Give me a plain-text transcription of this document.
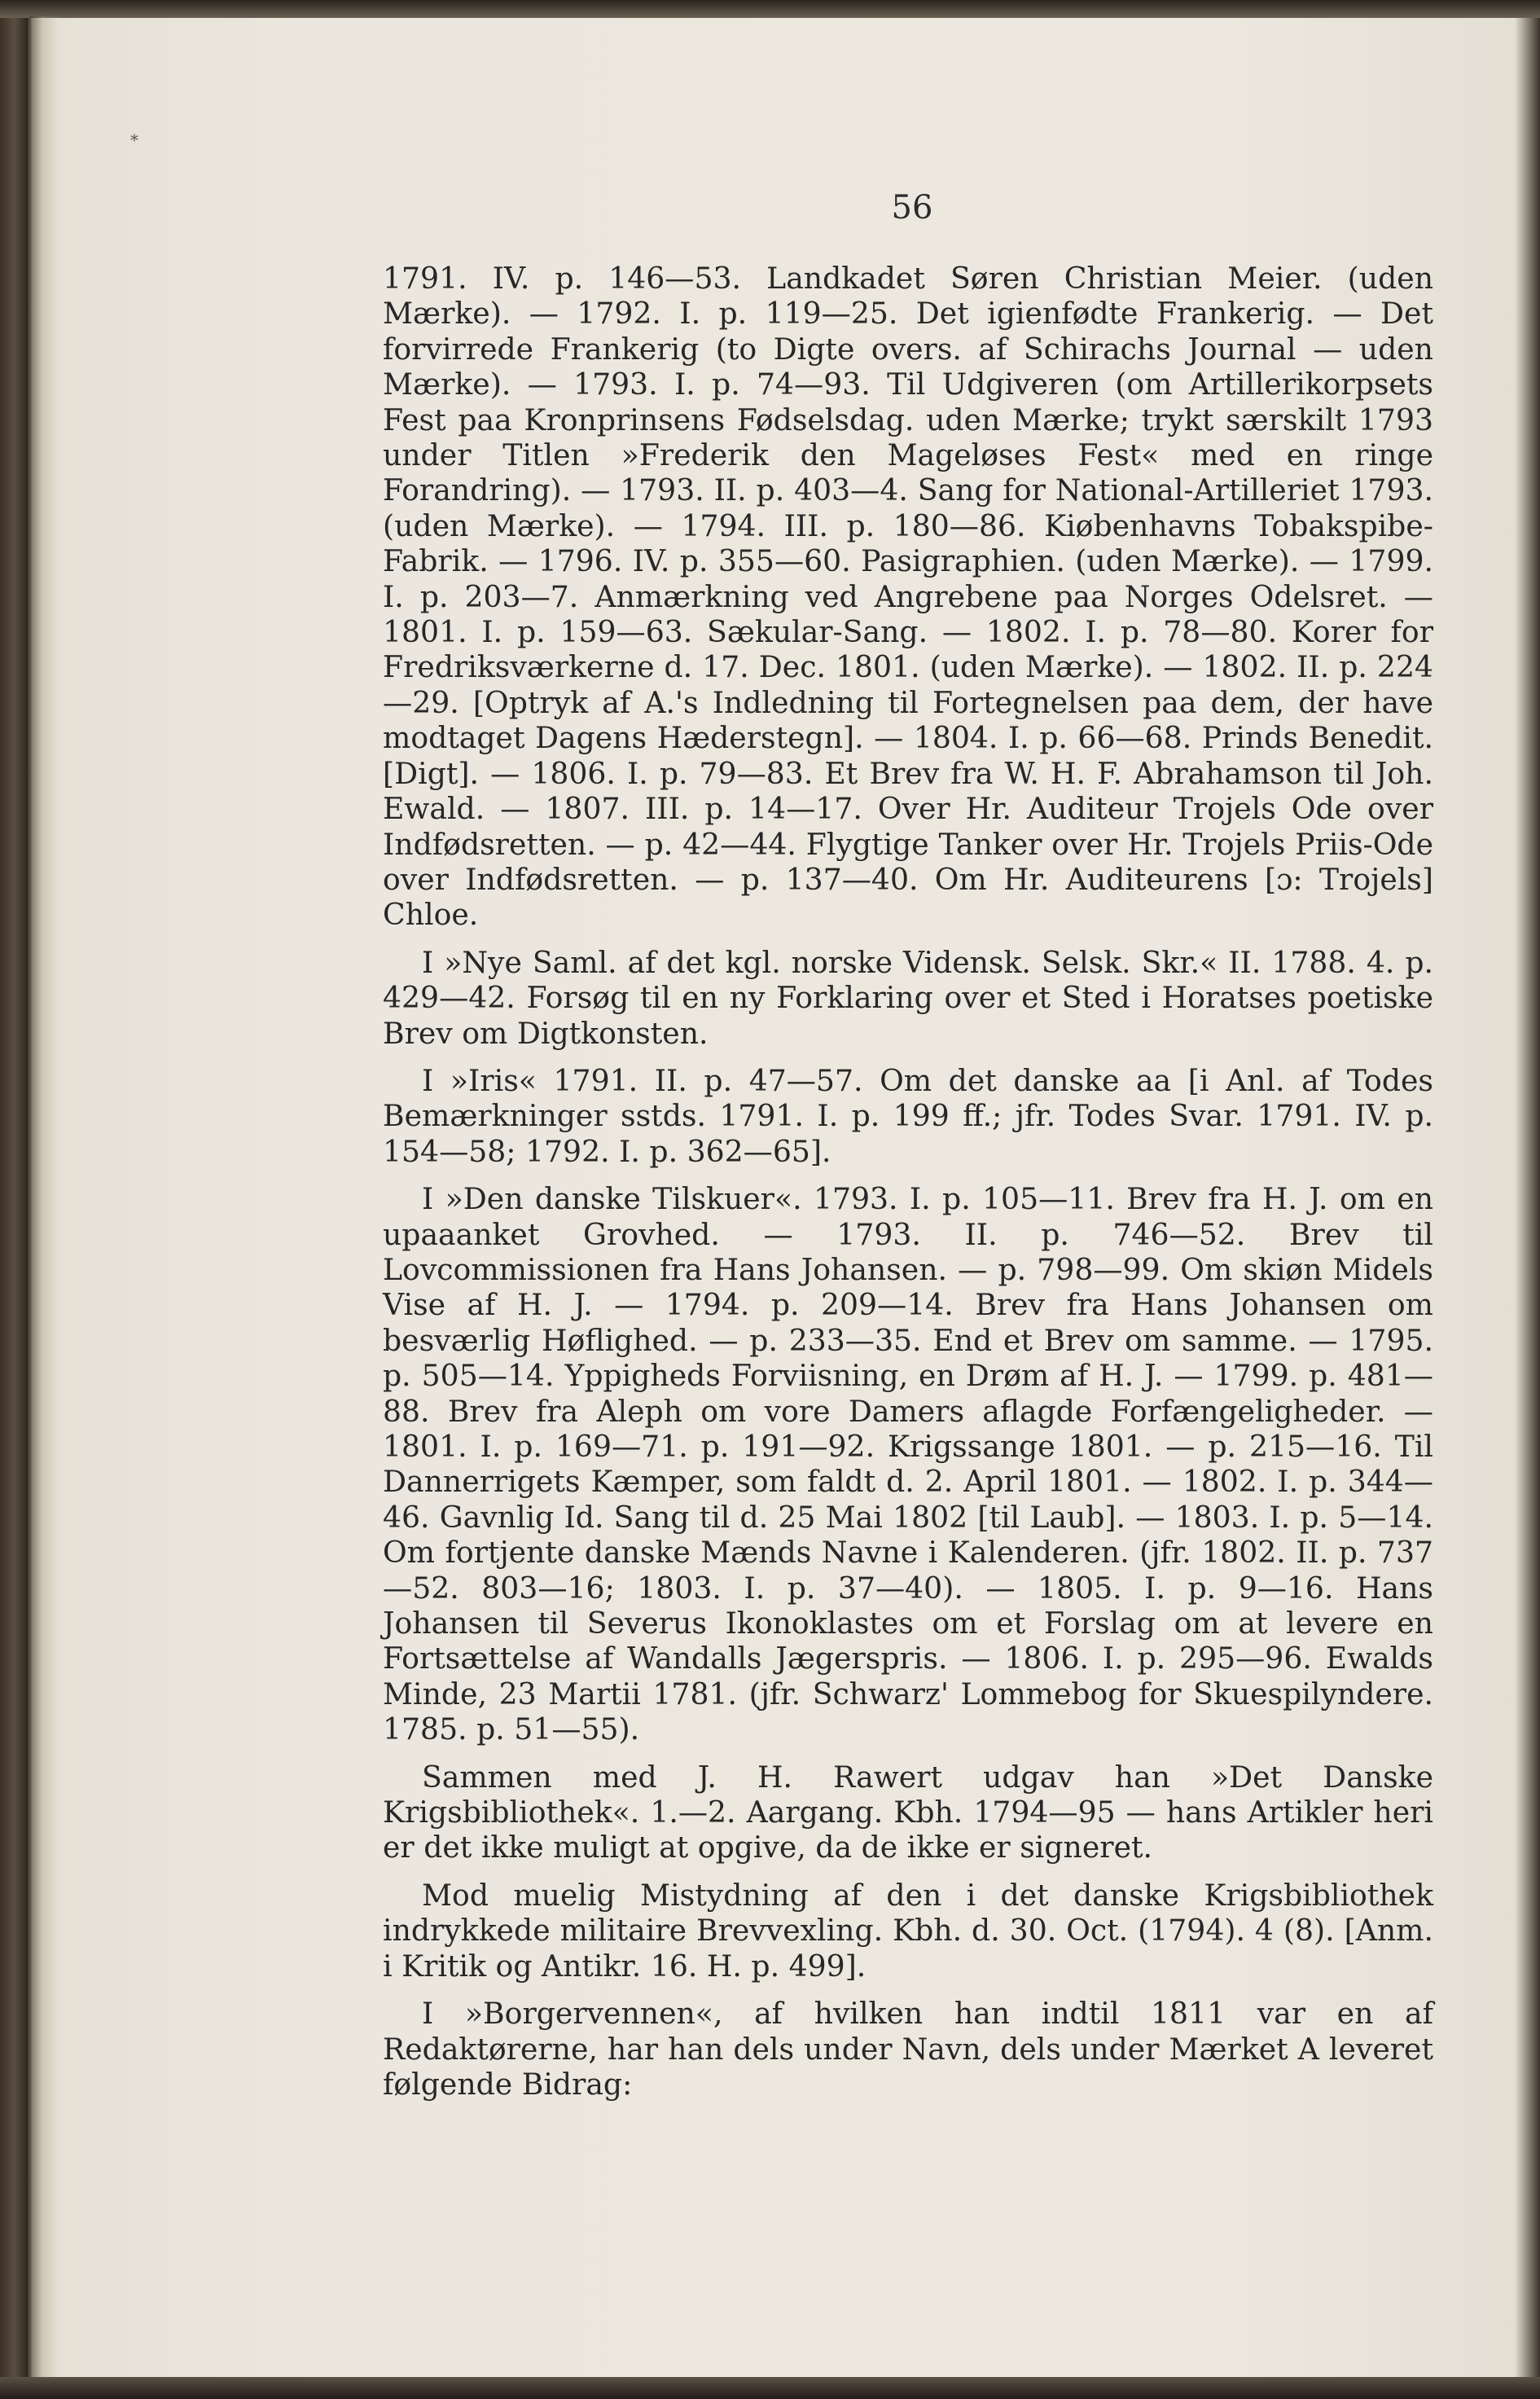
*
56

1791. IV. p. 146—53. Landkadet Søren Christian Meier. (uden Mærke). — 1792. I. p. 119—25. Det igienfødte Frankerig. — Det forvirrede Frankerig (to Digte overs. af Schirachs Journal — uden Mærke). — 1793. I. p. 74—93. Til Udgiveren (om Artillerikorpsets Fest paa Kronprinsens Fødselsdag. uden Mærke; trykt særskilt 1793 under Titlen »Frederik den Mageløses Fest« med en ringe Forandring). — 1793. II. p. 403—4. Sang for National-Artilleriet 1793. (uden Mærke). — 1794. III. p. 180—86. Kiøbenhavns Tobakspibe-Fabrik. — 1796. IV. p. 355—60. Pasigraphien. (uden Mærke). — 1799. I. p. 203—7. Anmærkning ved Angrebene paa Norges Odelsret. — 1801. I. p. 159—63. Sækular-Sang. — 1802. I. p. 78—80. Korer for Fredriksværkerne d. 17. Dec. 1801. (uden Mærke). — 1802. II. p. 224—29. [Optryk af A.'s Indledning til Fortegnelsen paa dem, der have modtaget Dagens Hæderstegn]. — 1804. I. p. 66—68. Prinds Benedit. [Digt]. — 1806. I. p. 79—83. Et Brev fra W. H. F. Abrahamson til Joh. Ewald. — 1807. III. p. 14—17. Over Hr. Auditeur Trojels Ode over Indfødsretten. — p. 42—44. Flygtige Tanker over Hr. Trojels Priis-Ode over Indfødsretten. — p. 137—40. Om Hr. Auditeurens [ɔ: Trojels] Chloe.

I »Nye Saml. af det kgl. norske Vidensk. Selsk. Skr.« II. 1788. 4. p. 429—42. Forsøg til en ny Forklaring over et Sted i Horatses poetiske Brev om Digtkonsten.

I »Iris« 1791. II. p. 47—57. Om det danske aa [i Anl. af Todes Bemærkninger sstds. 1791. I. p. 199 ff.; jfr. Todes Svar. 1791. IV. p. 154—58; 1792. I. p. 362—65].

I »Den danske Tilskuer«. 1793. I. p. 105—11. Brev fra H. J. om en upaaanket Grovhed. — 1793. II. p. 746—52. Brev til Lovcommissionen fra Hans Johansen. — p. 798—99. Om skiøn Midels Vise af H. J. — 1794. p. 209—14. Brev fra Hans Johansen om besværlig Høflighed. — p. 233—35. End et Brev om samme. — 1795. p. 505—14. Yppigheds Forviisning, en Drøm af H. J. — 1799. p. 481—88. Brev fra Aleph om vore Damers aflagde Forfængeligheder. — 1801. I. p. 169—71. p. 191—92. Krigssange 1801. — p. 215—16. Til Dannerrigets Kæmper, som faldt d. 2. April 1801. — 1802. I. p. 344—46. Gavnlig Id. Sang til d. 25 Mai 1802 [til Laub]. — 1803. I. p. 5—14. Om fortjente danske Mænds Navne i Kalenderen. (jfr. 1802. II. p. 737—52. 803—16; 1803. I. p. 37—40). — 1805. I. p. 9—16. Hans Johansen til Severus Ikonoklastes om et Forslag om at levere en Fortsættelse af Wandalls Jægerspris. — 1806. I. p. 295—96. Ewalds Minde, 23 Martii 1781. (jfr. Schwarz' Lommebog for Skuespilyndere. 1785. p. 51—55).

Sammen med J. H. Rawert udgav han »Det Danske Krigsbibliothek«. 1.—2. Aargang. Kbh. 1794—95 — hans Artikler heri er det ikke muligt at opgive, da de ikke er signeret.

Mod muelig Mistydning af den i det danske Krigsbibliothek indrykkede militaire Brevvexling. Kbh. d. 30. Oct. (1794). 4 (8). [Anm. i Kritik og Antikr. 16. H. p. 499].

I »Borgervennen«, af hvilken han indtil 1811 var en af Redaktørerne, har han dels under Navn, dels under Mærket A leveret følgende Bidrag:
